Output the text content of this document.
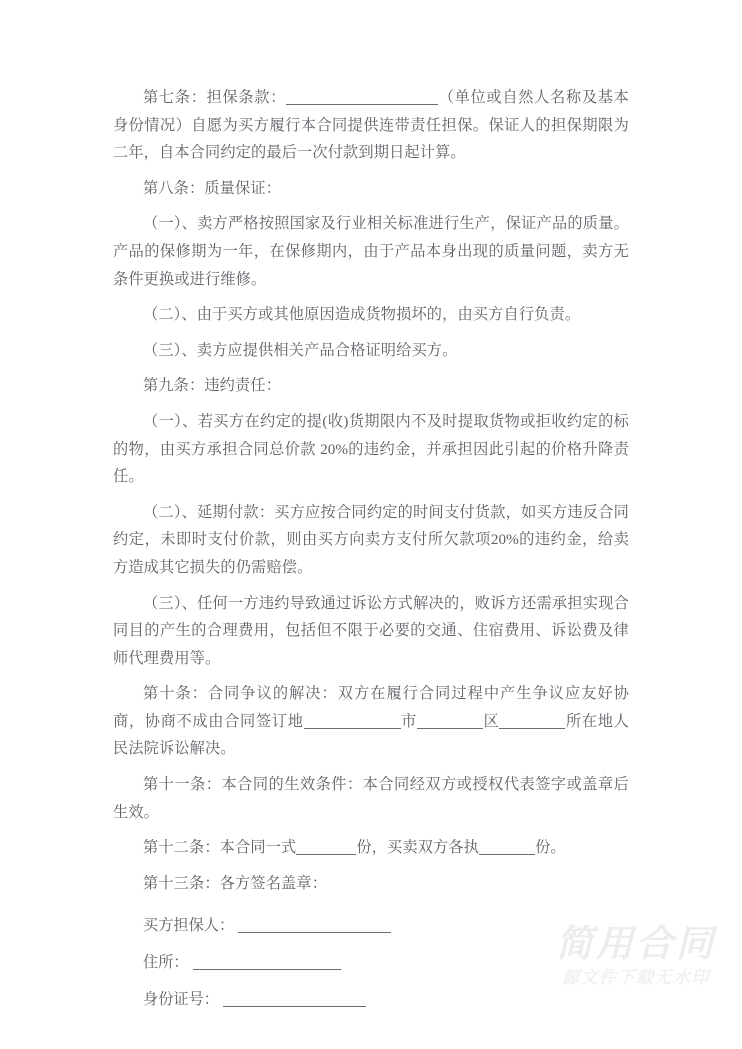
第七条：担保条款：	（单位或自然人名称及基本身份情况）自愿为买方履行本合同提供连带责任担保。保证人的担保期限为二年，自本合同约定的最后一次付款到期日起计算。

第八条：质量保证：

（一）、卖方严格按照国家及行业相关标准进行生产，保证产品的质量。产品的保修期为一年，在保修期内，由于产品本身出现的质量问题，卖方无条件更换或进行维修。

（二）、由于买方或其他原因造成货物损坏的，由买方自行负责。

（三）、卖方应提供相关产品合格证明给买方。

第九条：违约责任：

（一）、若买方在约定的提(收)货期限内不及时提取货物或拒收约定的标的物，由买方承担合同总价款 20%的违约金，并承担因此引起的价格升降责任。

（二）、延期付款：买方应按合同约定的时间支付货款，如买方违反合同约定，未即时支付价款，则由买方向卖方支付所欠款项20%的违约金，给卖方造成其它损失的仍需赔偿。

（三）、任何一方违约导致通过诉讼方式解决的，败诉方还需承担实现合同目的产生的合理费用，包括但不限于必要的交通、住宿费用、诉讼费及律师代理费用等。

第十条：合同争议的解决：双方在履行合同过程中产生争议应友好协商，协商不成由合同签订地	市	区	所在地人民法院诉讼解决。

第十一条：本合同的生效条件：本合同经双方或授权代表签字或盖章后生效。

第十二条：本合同一式	份，买卖双方各执	份。

第十三条：各方签名盖章：

买方担保人：
住所：
身份证号：
简用合同
源文件下载无水印
